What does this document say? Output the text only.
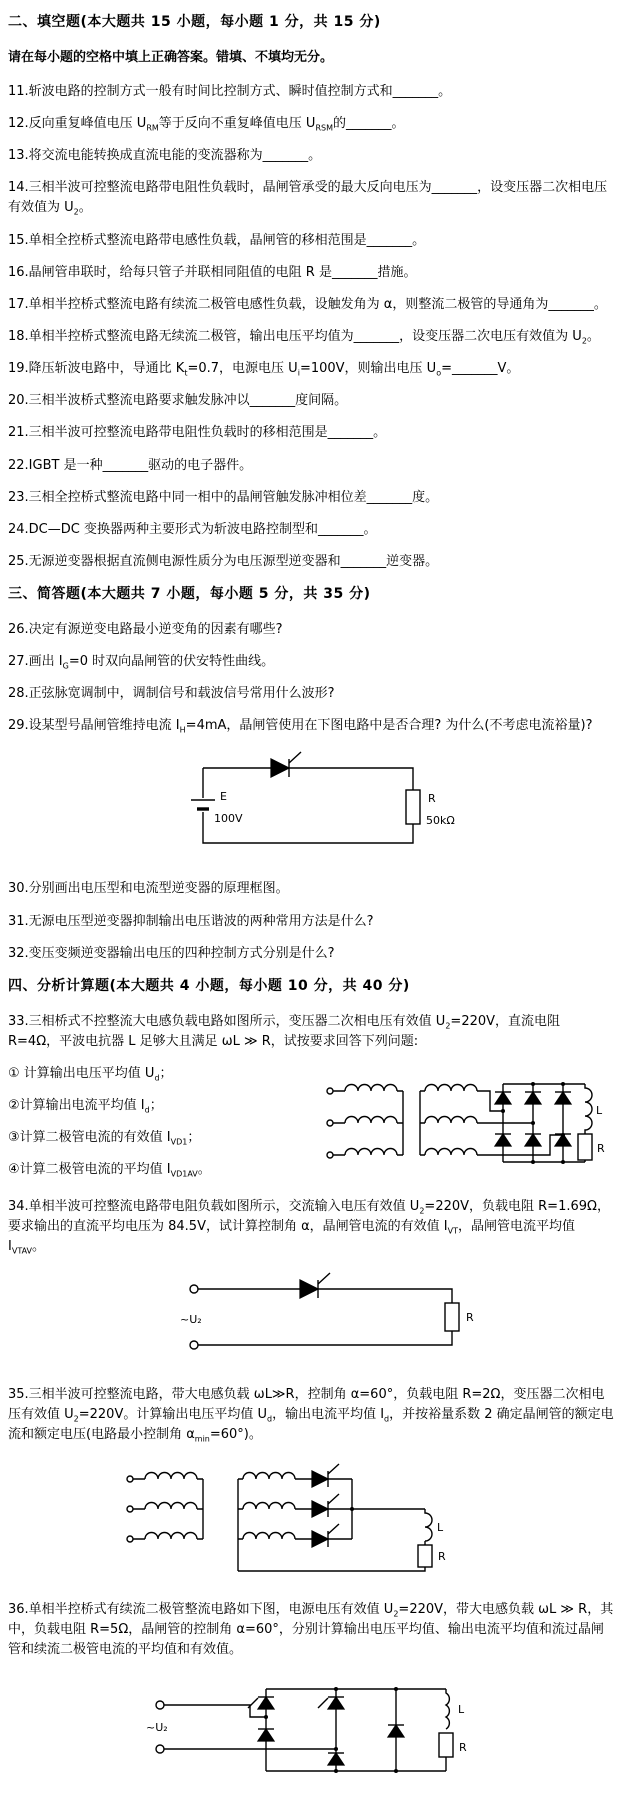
二、填空题(本大题共 15 小题，每小题 1 分，共 15 分)

请在每小题的空格中填上正确答案。错填、不填均无分。

11.斩波电路的控制方式一般有时间比控制方式、瞬时值控制方式和_______。

12.反向重复峰值电压 $U_{RM}$等于反向不重复峰值电压 $U_{RSM}$的_______。

13.将交流电能转换成直流电能的变流器称为_______。

14.三相半波可控整流电路带电阻性负载时，晶闸管承受的最大反向电压为_______，设变压器二次相电压有效值为 $U_2$。

15.单相全控桥式整流电路带电感性负载，晶闸管的移相范围是_______。

16.晶闸管串联时，给每只管子并联相同阻值的电阻 R 是_______措施。

17.单相半控桥式整流电路有续流二极管电感性负载，设触发角为 α，则整流二极管的导通角为_______。

18.单相半控桥式整流电路无续流二极管，输出电压平均值为_______，设变压器二次电压有效值为 $U_2$。

19.降压斩波电路中，导通比 $K_t=0.7$，电源电压 $U_i=100V$，则输出电压 $U_o=\_\_\_\_\_\_\_V$。

20.三相半波桥式整流电路要求触发脉冲以_______度间隔。

21.三相半波可控整流电路带电阻性负载时的移相范围是_______。

22.IGBT 是一种_______驱动的电子器件。

23.三相全控桥式整流电路中同一相中的晶闸管触发脉冲相位差_______度。

24.DC—DC 变换器两种主要形式为斩波电路控制型和_______。

25.无源逆变器根据直流侧电源性质分为电压源型逆变器和_______逆变器。

三、简答题(本大题共 7 小题，每小题 5 分，共 35 分)

26.决定有源逆变电路最小逆变角的因素有哪些?

27.画出 $I_G=0$ 时双向晶闸管的伏安特性曲线。

28.正弦脉宽调制中，调制信号和载波信号常用什么波形?

29.设某型号晶闸管维持电流 $I_H=4mA$，晶闸管使用在下图电路中是否合理? 为什么(不考虑电流裕量)?

E
100V
R
50kΩ

30.分别画出电压型和电流型逆变器的原理框图。

31.无源电压型逆变器抑制输出电压谐波的两种常用方法是什么?

32.变压变频逆变器输出电压的四种控制方式分别是什么?

四、分析计算题(本大题共 4 小题，每小题 10 分，共 40 分)

33.三相桥式不控整流大电感负载电路如图所示，变压器二次相电压有效值 $U_2=220V$，直流电阻 R=4Ω，平波电抗器 L 足够大且满足 ωL ≫ R，试按要求回答下列问题:

① 计算输出电压平均值 $U_d$；

②计算输出电流平均值 $I_d$；

③计算二极管电流的有效值 $I_{VD1}$；

④计算二极管电流的平均值 $I_{VD1AV}$。

L
R

34.单相半波可控整流电路带电阻负载如图所示，交流输入电压有效值 $U_2=220V$，负载电阻 R=1.69Ω，要求输出的直流平均电压为 84.5V，试计算控制角 α，晶闸管电流的有效值 $I_{VT}$，晶闸管电流平均值 $I_{VTAV}$。

~U₂	R

35.三相半波可控整流电路，带大电感负载 ωL≫R，控制角 α=60°，负载电阻 R=2Ω，变压器二次相电压有效值 $U_2=220V$。计算输出电压平均值 $U_d$，输出电流平均值 $I_d$，并按裕量系数 2 确定晶闸管的额定电流和额定电压(电路最小控制角 $\alpha_{min}=60^\circ$)。

L
R

36.单相半控桥式有续流二极管整流电路如下图，电源电压有效值 $U_2=220V$，带大电感负载 ωL ≫ R，其中，负载电阻 R=5Ω，晶闸管的控制角 α=60°，分别计算输出电压平均值、输出电流平均值和流过晶闸管和续流二极管电流的平均值和有效值。

~U₂
L
R
